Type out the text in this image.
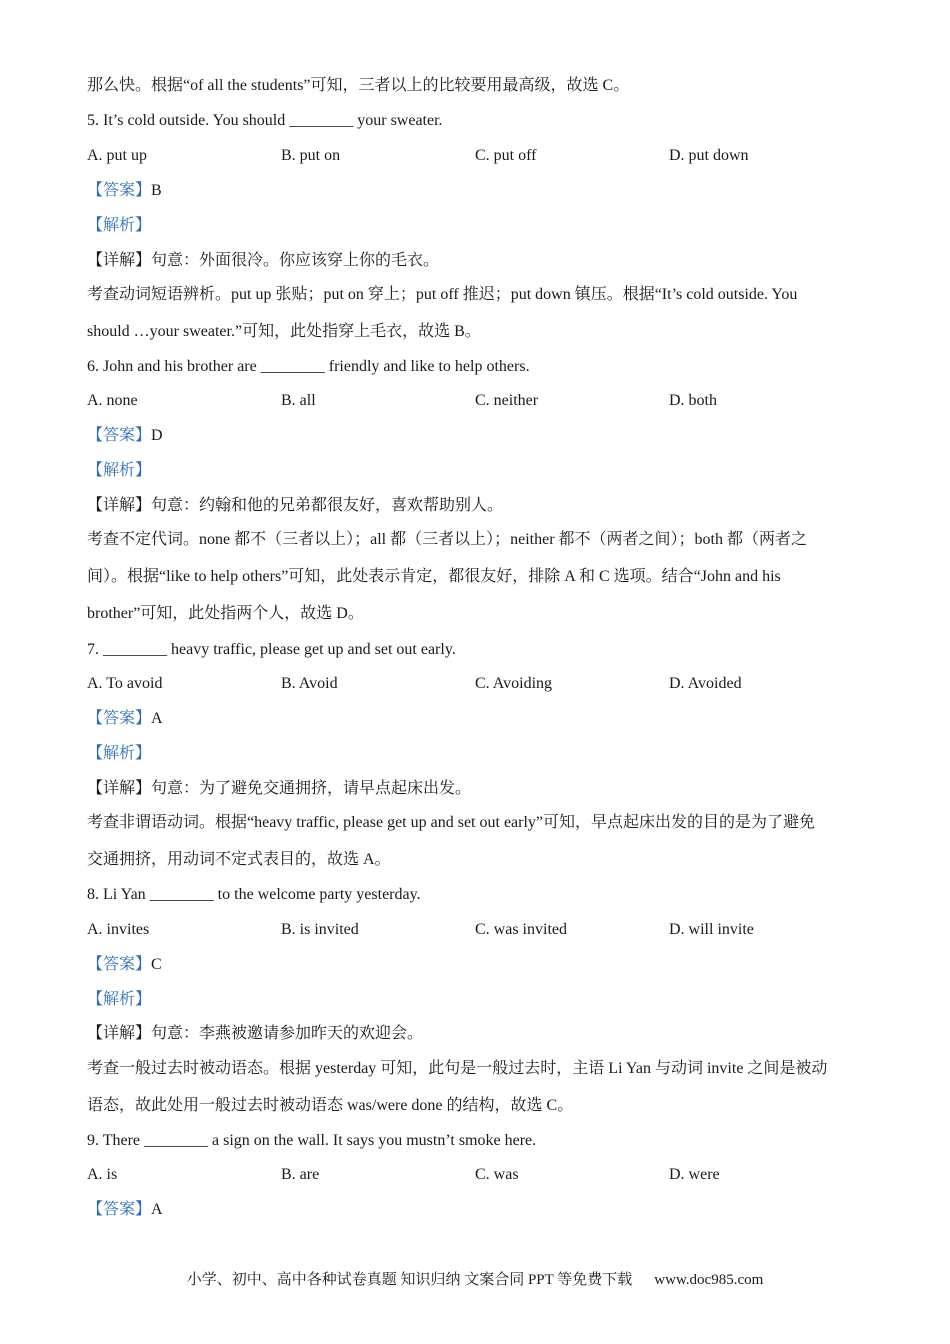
那么快。根据“of all the students”可知，三者以上的比较要用最高级，故选 C。
5. It’s cold outside. You should ________ your sweater.
A. put up	B. put on	C. put off	D. put down
【答案】B
【解析】
【详解】句意：外面很冷。你应该穿上你的毛衣。
考查动词短语辨析。put up 张贴；put on 穿上；put off 推迟；put down 镇压。根据“It’s cold outside. You
should …your sweater.”可知，此处指穿上毛衣，故选 B。
6. John and his brother are ________ friendly and like to help others.
A. none	B. all	C. neither	D. both
【答案】D
【解析】
【详解】句意：约翰和他的兄弟都很友好，喜欢帮助别人。
考查不定代词。none 都不（三者以上）；all 都（三者以上）；neither 都不（两者之间）；both 都（两者之
间）。根据“like to help others”可知，此处表示肯定，都很友好，排除 A 和 C 选项。结合“John and his
brother”可知，此处指两个人，故选 D。
7. ________ heavy traffic, please get up and set out early.
A. To avoid	B. Avoid	C. Avoiding	D. Avoided
【答案】A
【解析】
【详解】句意：为了避免交通拥挤，请早点起床出发。
考查非谓语动词。根据“heavy traffic, please get up and set out early”可知，早点起床出发的目的是为了避免
交通拥挤，用动词不定式表目的，故选 A。
8. Li Yan ________ to the welcome party yesterday.
A. invites	B. is invited	C. was invited	D. will invite
【答案】C
【解析】
【详解】句意：李燕被邀请参加昨天的欢迎会。
考查一般过去时被动语态。根据 yesterday 可知，此句是一般过去时，主语 Li Yan 与动词 invite 之间是被动
语态，故此处用一般过去时被动语态 was/were done 的结构，故选 C。
9. There ________ a sign on the wall. It says you mustn’t smoke here.
A. is	B. are	C. was	D. were
【答案】A
小学、初中、高中各种试卷真题 知识归纳 文案合同 PPT 等免费下载 www.doc985.com
